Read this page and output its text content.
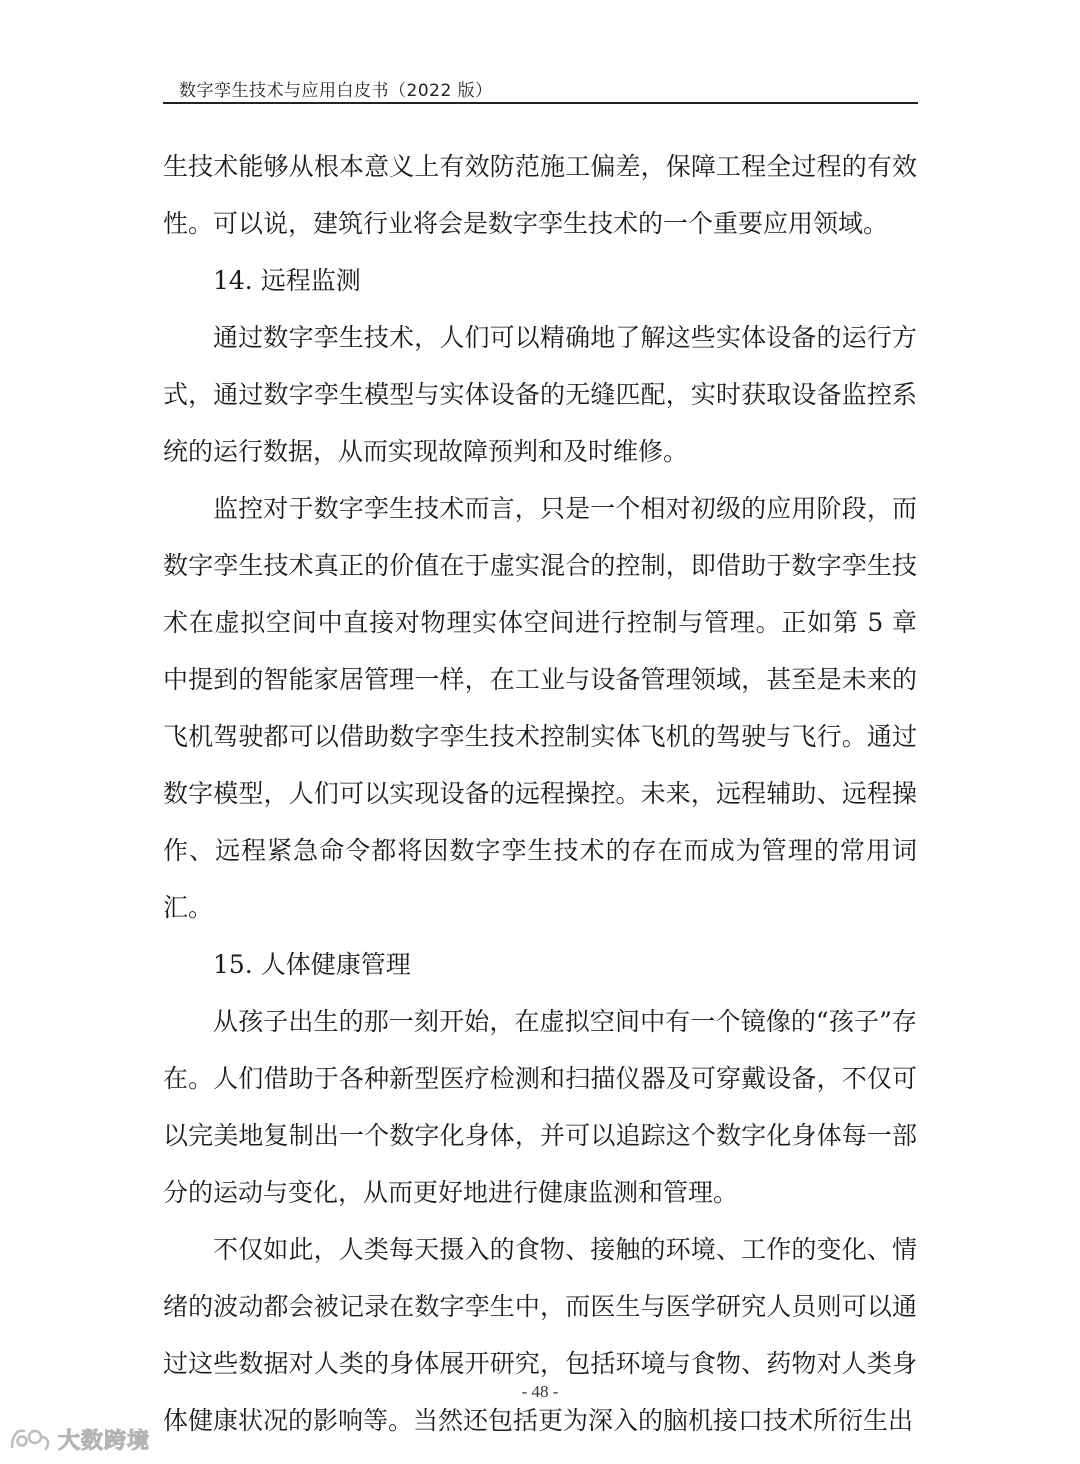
数字孪生技术与应用白皮书（2022 版）

生技术能够从根本意义上有效防范施工偏差，保障工程全过程的有效性。可以说，建筑行业将会是数字孪生技术的一个重要应用领域。

14. 远程监测

通过数字孪生技术，人们可以精确地了解这些实体设备的运行方式，通过数字孪生模型与实体设备的无缝匹配，实时获取设备监控系统的运行数据，从而实现故障预判和及时维修。

监控对于数字孪生技术而言，只是一个相对初级的应用阶段，而数字孪生技术真正的价值在于虚实混合的控制，即借助于数字孪生技术在虚拟空间中直接对物理实体空间进行控制与管理。正如第 5 章中提到的智能家居管理一样，在工业与设备管理领域，甚至是未来的飞机驾驶都可以借助数字孪生技术控制实体飞机的驾驶与飞行。通过数字模型，人们可以实现设备的远程操控。未来，远程辅助、远程操作、远程紧急命令都将因数字孪生技术的存在而成为管理的常用词汇。

15. 人体健康管理

从孩子出生的那一刻开始，在虚拟空间中有一个镜像的“孩子”存在。人们借助于各种新型医疗检测和扫描仪器及可穿戴设备，不仅可以完美地复制出一个数字化身体，并可以追踪这个数字化身体每一部分的运动与变化，从而更好地进行健康监测和管理。

不仅如此，人类每天摄入的食物、接触的环境、工作的变化、情绪的波动都会被记录在数字孪生中，而医生与医学研究人员则可以通过这些数据对人类的身体展开研究，包括环境与食物、药物对人类身体健康状况的影响等。当然还包括更为深入的脑机接口技术所衍生出

- 48 -
大数跨境
